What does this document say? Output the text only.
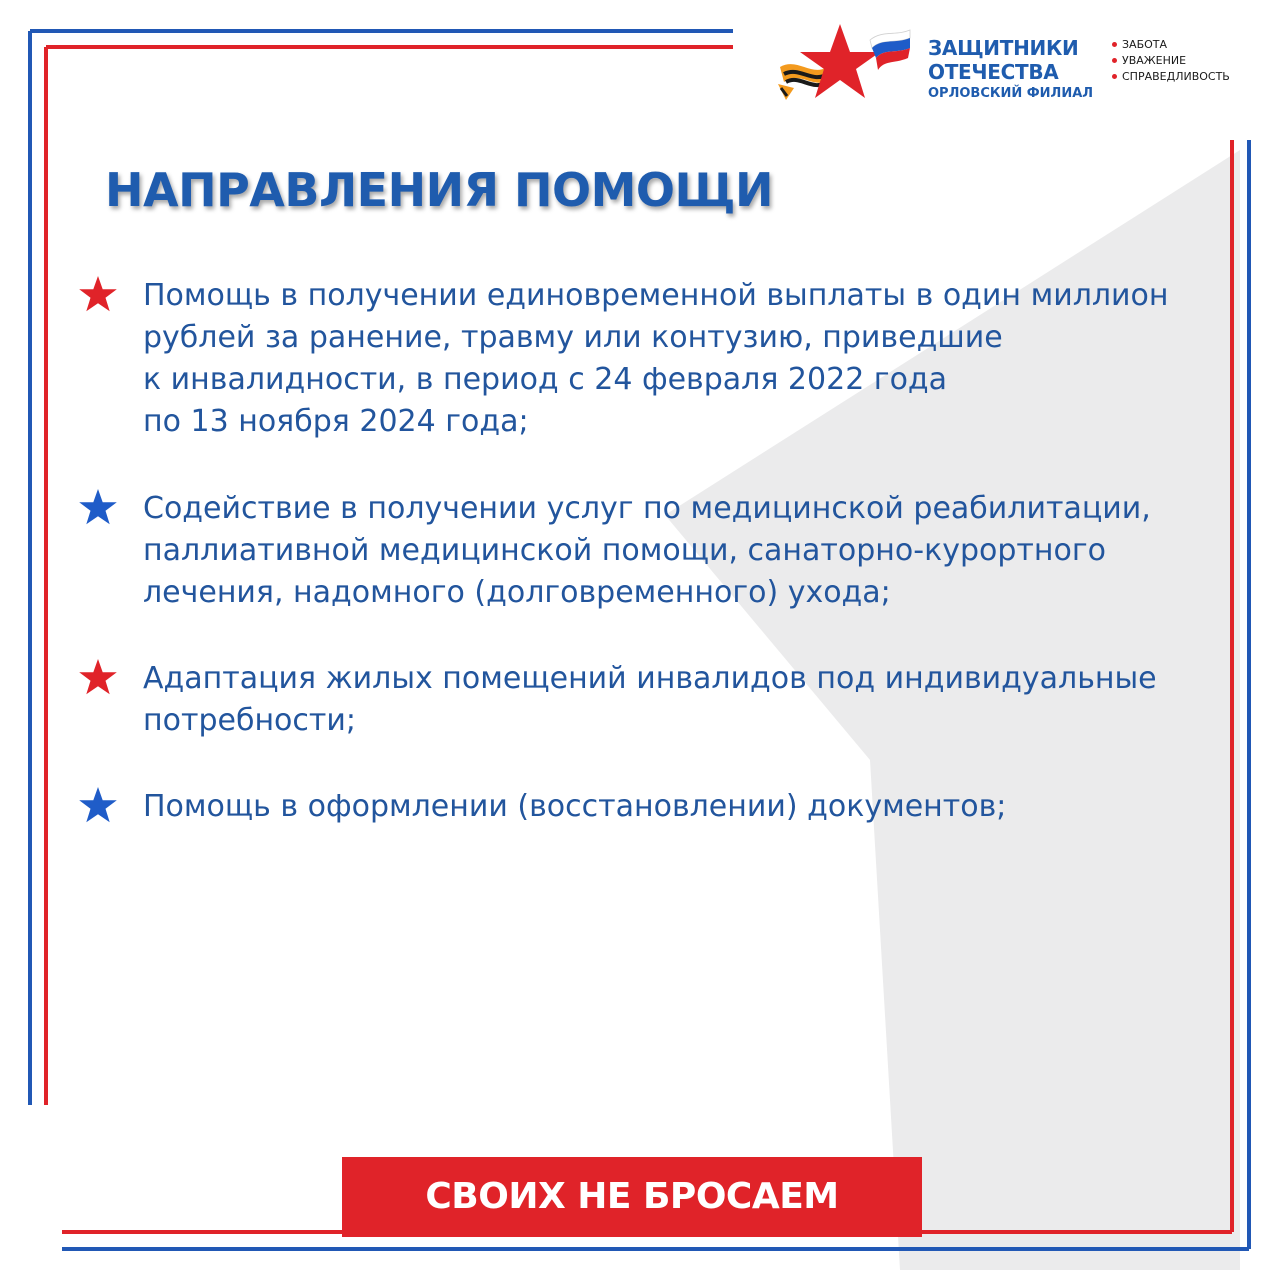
ЗАЩИТНИКИ
ОТЕЧЕСТВА
ОРЛОВСКИЙ ФИЛИАЛ
ЗАБОТА
УВАЖЕНИЕ
СПРАВЕДЛИВОСТЬ
НАПРАВЛЕНИЯ ПОМОЩИ

Помощь в получении единовременной выплаты в один миллион
рублей за ранение, травму или контузию, приведшие
к инвалидности, в период с 24 февраля 2022 года
по 13 ноября 2024 года;

Содействие в получении услуг по медицинской реабилитации,
паллиативной медицинской помощи, санаторно-курортного
лечения, надомного (долговременного) ухода;

Адаптация жилых помещений инвалидов под индивидуальные
потребности;

Помощь в оформлении (восстановлении) документов;

СВОИХ НЕ БРОСАЕМ
